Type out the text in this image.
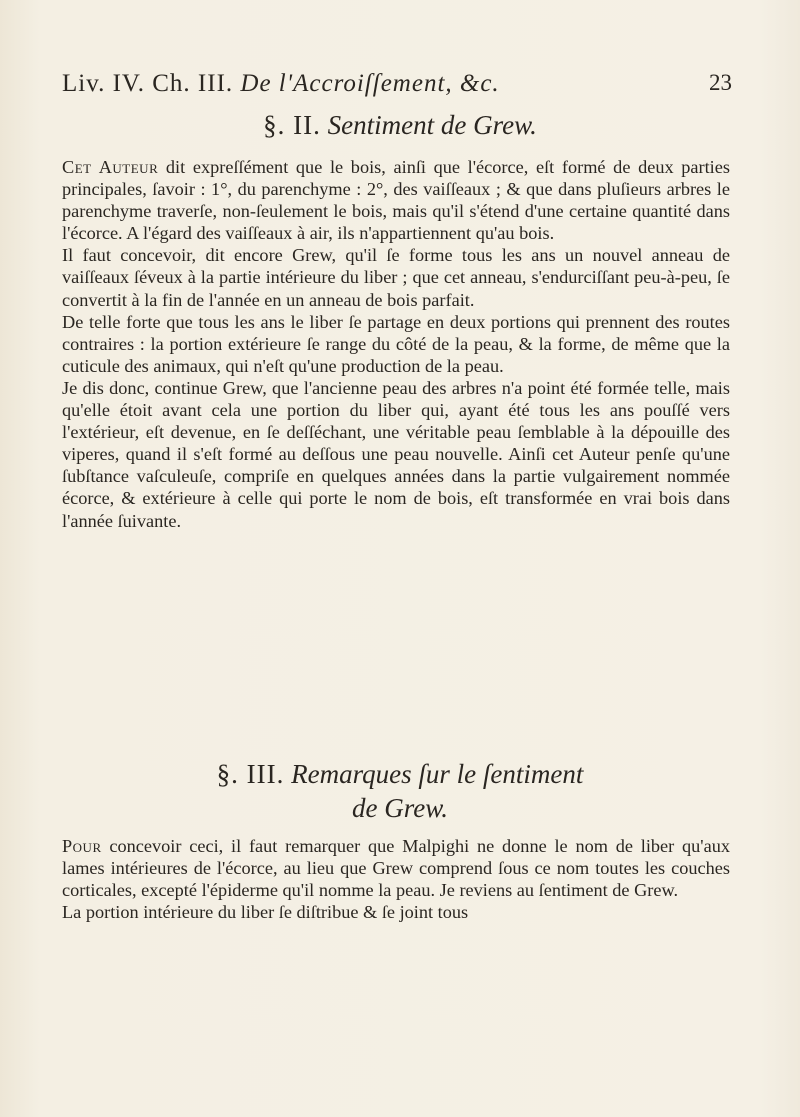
Liv. IV. Ch. III. De l'Accroiſſement, &c.	23
§. II. Sentiment de Grew.

Cet Auteur dit expreſſément que le bois, ainſi que l'écorce, eſt formé de deux parties principales, ſavoir : 1°, du parenchyme : 2°, des vaiſſeaux ; & que dans pluſieurs arbres le parenchyme traverſe, non-ſeulement le bois, mais qu'il s'étend d'une certaine quantité dans l'écorce. A l'égard des vaiſſeaux à air, ils n'appartiennent qu'au bois.

Il faut concevoir, dit encore Grew, qu'il ſe forme tous les ans un nouvel anneau de vaiſſeaux ſéveux à la partie intérieure du liber ; que cet anneau, s'endurciſſant peu-à-peu, ſe convertit à la fin de l'année en un anneau de bois parfait.

De telle forte que tous les ans le liber ſe partage en deux portions qui prennent des routes contraires : la portion extérieure ſe range du côté de la peau, & la forme, de même que la cuticule des animaux, qui n'eſt qu'une production de la peau.

Je dis donc, continue Grew, que l'ancienne peau des arbres n'a point été formée telle, mais qu'elle étoit avant cela une portion du liber qui, ayant été tous les ans pouſſé vers l'extérieur, eſt devenue, en ſe deſſéchant, une véritable peau ſemblable à la dépouille des viperes, quand il s'eſt formé au deſſous une peau nouvelle. Ainſi cet Auteur penſe qu'une ſubſtance vaſculeuſe, compriſe en quelques années dans la partie vulgairement nommée écorce, & extérieure à celle qui porte le nom de bois, eſt transformée en vrai bois dans l'année ſuivante.

§. III. Remarques ſur le ſentiment
de Grew.

Pour concevoir ceci, il faut remarquer que Malpighi ne donne le nom de liber qu'aux lames intérieures de l'écorce, au lieu que Grew comprend ſous ce nom toutes les couches corticales, excepté l'épiderme qu'il nomme la peau. Je reviens au ſentiment de Grew.

La portion intérieure du liber ſe diſtribue & ſe joint tous
